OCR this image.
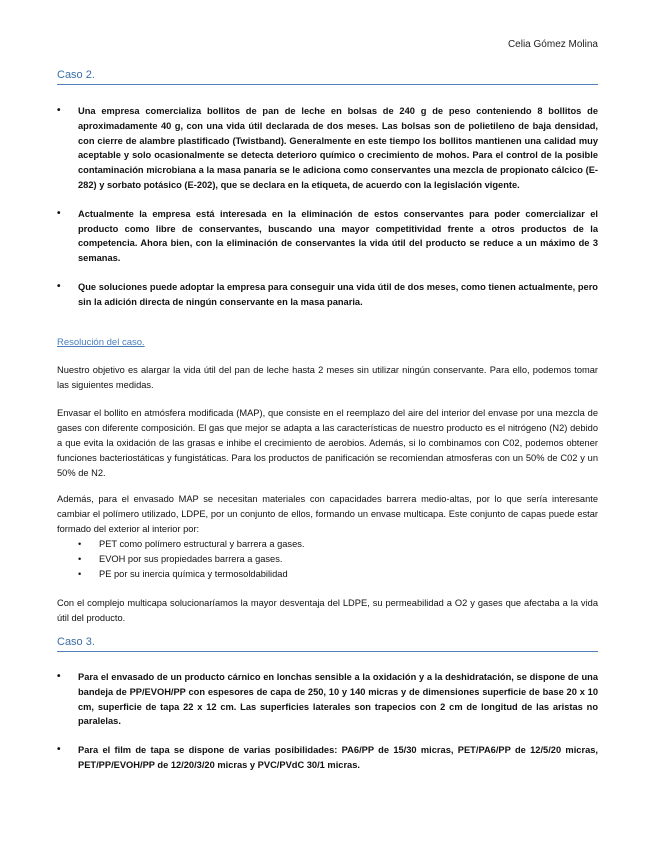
Celia Gómez Molina
Caso 2.
• Una empresa comercializa bollitos de pan de leche en bolsas de 240 g de peso conteniendo 8 bollitos de aproximadamente 40 g, con una vida útil declarada de dos meses. Las bolsas son de polietileno de baja densidad, con cierre de alambre plastificado (Twistband). Generalmente en este tiempo los bollitos mantienen una calidad muy aceptable y solo ocasionalmente se detecta deterioro químico o crecimiento de mohos. Para el control de la posible contaminación microbiana a la masa panaria se le adiciona como conservantes una mezcla de propionato cálcico (E-282) y sorbato potásico (E-202), que se declara en la etiqueta, de acuerdo con la legislación vigente.
• Actualmente la empresa está interesada en la eliminación de estos conservantes para poder comercializar el producto como libre de conservantes, buscando una mayor competitividad frente a otros productos de la competencia. Ahora bien, con la eliminación de conservantes la vida útil del producto se reduce a un máximo de 3 semanas.
• Que soluciones puede adoptar la empresa para conseguir una vida útil de dos meses, como tienen actualmente, pero sin la adición directa de ningún conservante en la masa panaria.
Resolución del caso.

Nuestro objetivo es alargar la vida útil del pan de leche hasta 2 meses sin utilizar ningún conservante. Para ello, podemos tomar las siguientes medidas.

Envasar el bollito en atmósfera modificada (MAP), que consiste en el reemplazo del aire del interior del envase por una mezcla de gases con diferente composición. El gas que mejor se adapta a las características de nuestro producto es el nitrógeno (N2) debido a que evita la oxidación de las grasas e inhibe el crecimiento de aerobios. Además, si lo combinamos con C02, podemos obtener funciones bacteriostáticas y fungistáticas. Para los productos de panificación se recomiendan atmosferas con un 50% de C02 y un 50% de N2.

Además, para el envasado MAP se necesitan materiales con capacidades barrera medio-altas, por lo que sería interesante cambiar el polímero utilizado, LDPE, por un conjunto de ellos, formando un envase multicapa. Este conjunto de capas puede estar formado del exterior al interior por:

• PET como polímero estructural y barrera a gases.
• EVOH por sus propiedades barrera a gases.
• PE por su inercia química y termosoldabilidad

Con el complejo multicapa solucionaríamos la mayor desventaja del LDPE, su permeabilidad a O2 y gases que afectaba a la vida útil del producto.

Caso 3.
• Para el envasado de un producto cárnico en lonchas sensible a la oxidación y a la deshidratación, se dispone de una bandeja de PP/EVOH/PP con espesores de capa de 250, 10 y 140 micras y de dimensiones superficie de base 20 x 10 cm, superficie de tapa 22 x 12 cm. Las superficies laterales son trapecios con 2 cm de longitud de las aristas no paralelas.
• Para el film de tapa se dispone de varias posibilidades: PA6/PP de 15/30 micras, PET/PA6/PP de 12/5/20 micras, PET/PP/EVOH/PP de 12/20/3/20 micras y PVC/PVdC 30/1 micras.
